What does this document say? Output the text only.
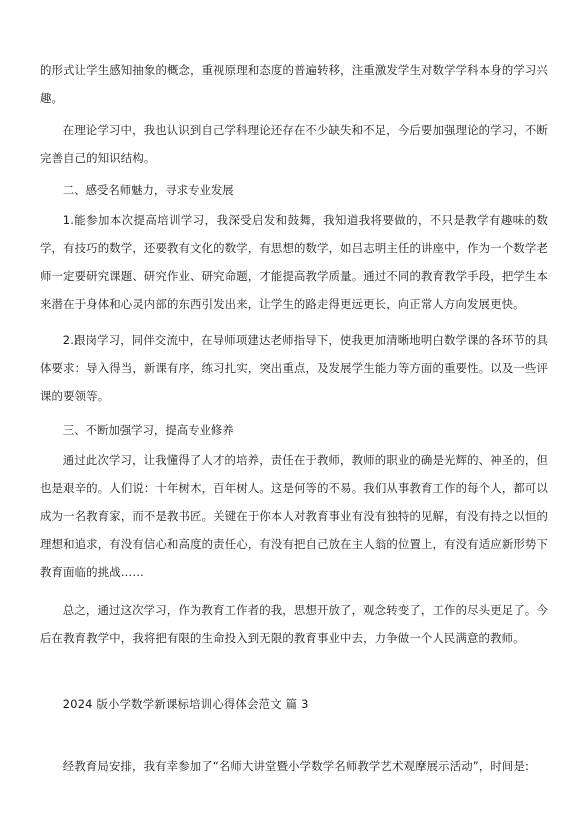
的形式让学生感知抽象的概念，重视原理和态度的普遍转移，注重激发学生对数学学科本身的学习兴趣。

在理论学习中，我也认识到自己学科理论还存在不少缺失和不足，今后要加强理论的学习，不断完善自己的知识结构。

二、感受名师魅力，寻求专业发展

1.能参加本次提高培训学习，我深受启发和鼓舞，我知道我将要做的，不只是教学有趣味的数学，有技巧的数学，还要教有文化的数学，有思想的数学，如吕志明主任的讲座中，作为一个数学老师一定要研究课题、研究作业、研究命题，才能提高教学质量。通过不同的教育教学手段，把学生本来潜在于身体和心灵内部的东西引发出来，让学生的路走得更远更长，向正常人方向发展更快。

2.跟岗学习，同伴交流中，在导师项建达老师指导下，使我更加清晰地明白数学课的各环节的具体要求：导入得当，新课有序，练习扎实，突出重点，及发展学生能力等方面的重要性。以及一些评课的要领等。

三、不断加强学习，提高专业修养

通过此次学习，让我懂得了人才的培养，责任在于教师，教师的职业的确是光辉的、神圣的，但也是艰辛的。人们说：十年树木，百年树人。这是何等的不易。我们从事教育工作的每个人，都可以成为一名教育家，而不是教书匠。关键在于你本人对教育事业有没有独特的见解，有没有持之以恒的理想和追求，有没有信心和高度的责任心，有没有把自己放在主人翁的位置上，有没有适应新形势下教育面临的挑战……

总之，通过这次学习，作为教育工作者的我，思想开放了，观念转变了，工作的尽头更足了。今后在教育教学中，我将把有限的生命投入到无限的教育事业中去，力争做一个人民满意的教师。

2024 版小学数学新课标培训心得体会范文 篇 3

经教育局安排，我有幸参加了“名师大讲堂暨小学数学名师教学艺术观摩展示活动”，时间是:
